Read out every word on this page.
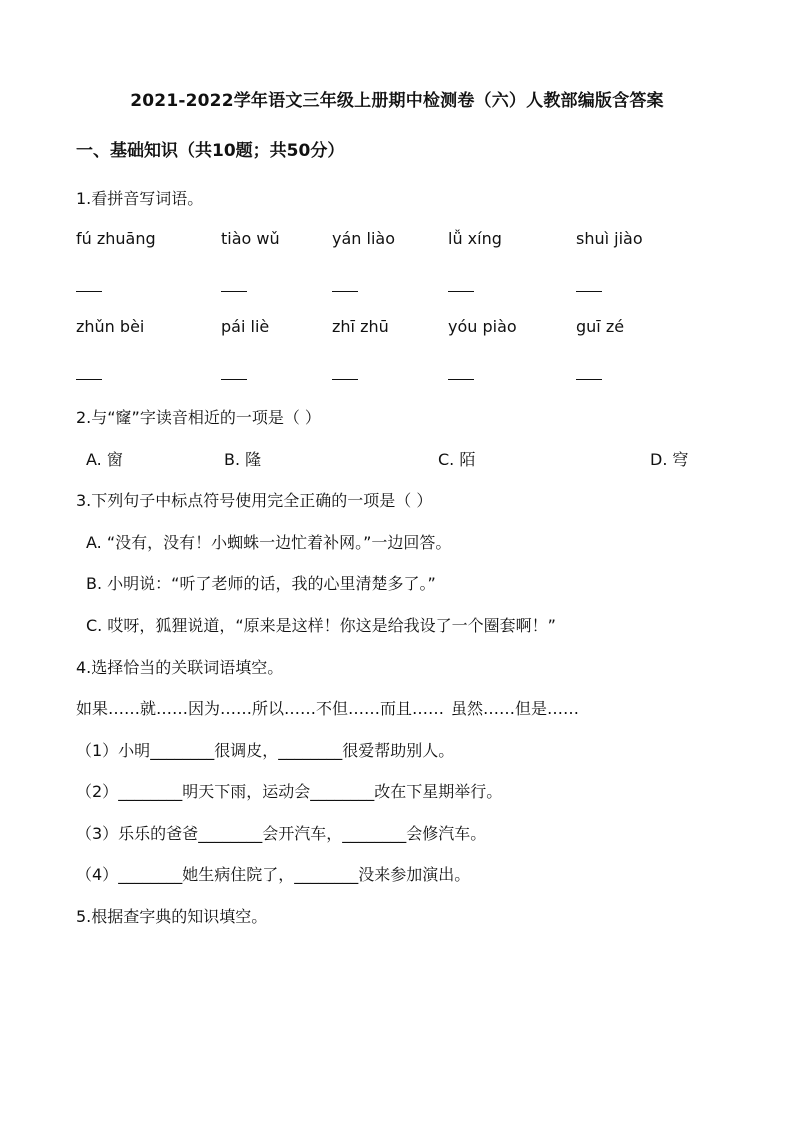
2021-2022学年语文三年级上册期中检测卷（六）人教部编版含答案
一、基础知识（共10题；共50分）
1.看拼音写词语。
fú zhuāng	tiào wǔ	yán liào	lǚ xíng	shuì jiào
zhǔn bèi	pái liè	zhī zhū	yóu piào	guī zé
2.与“窿”字读音相近的一项是（ ）
A. 窗	B. 隆	C. 陌	D. 穹
3.下列句子中标点符号使用完全正确的一项是（ ）
A. “没有，没有！小蜘蛛一边忙着补网。”一边回答。
B. 小明说：“听了老师的话，我的心里清楚多了。”
C. 哎呀，狐狸说道，“原来是这样！你这是给我设了一个圈套啊！”
4.选择恰当的关联词语填空。
如果……就……因为……所以……不但……而且…… 虽然……但是……
（1）小明________很调皮，________很爱帮助别人。
（2）________明天下雨，运动会________改在下星期举行。
（3）乐乐的爸爸________会开汽车，________会修汽车。
（4）________她生病住院了，________没来参加演出。
5.根据查字典的知识填空。
